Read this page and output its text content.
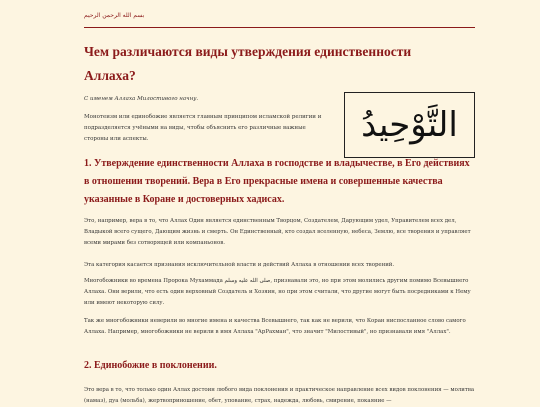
بسم الله الرحمن الرحيم
Чем различаются виды утверждения единственности Аллаха?
С именем Аллаха Милостивого начну.
Монотеизм или единобожие является главным принципом исламской религии и подразделяется учёными на виды, чтобы объяснить его различные важные стороны или аспекты.	التَّوْحِيدُ
1. Утверждение единственности Аллаха в господстве и владычестве, в Его действиях в отношении творений. Вера в Его прекрасные имена и совершенные качества указанные в Коране и достоверных хадисах.

Это, например, вера в то, что Аллах Один является единственным Творцом, Создателем, Дарующим удел, Управителем всех дел, Владыкой всего сущего, Дающим жизнь и смерть. Он Единственный, кто создал вселенную, небеса, Землю, все творения и управляет всеми мирами без сотворящей или компаньонов.

Эта категория касается признания исключительной власти и действий Аллаха в отношении всех творений.

Многобожники во времена Пророка Мухаммада صلى الله عليه وسلم, признавали это, но при этом молились другим помимо Всевышнего Аллаха. Они верили, что есть один верховный Создатель и Хозяин, но при этом считали, что другие могут быть посредниками к Нему или имеют некоторую силу.

Так же многобожники неверили во многие имена и качества Всевышнего, так как не верили, что Коран ниспосланное слово самого Аллаха. Например, многобожники не верили в имя Аллаха "АрРахман", что значит "Милостивый", но признавали имя "Аллах".

2. Единобожие в поклонении.

Это вера в то, что только один Аллах достоин любого вида поклонения и практическое направление всех видов поклонения — молитва (намаз), дуа (мольба), жертвоприношение, обет, упование, страх, надежда, любовь, смирение, покаяние —
